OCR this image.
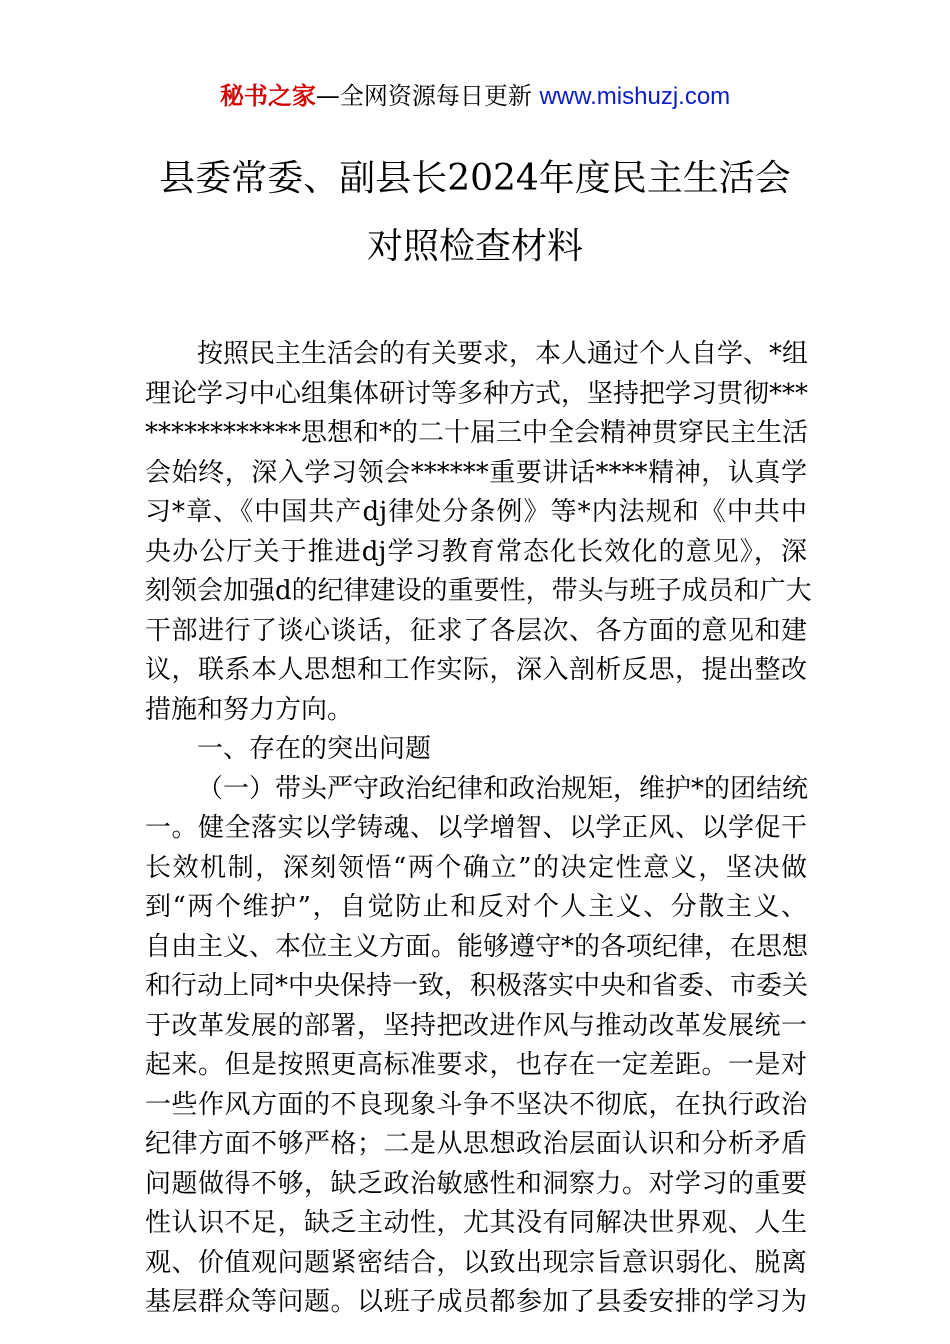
秘书之家—全网资源每日更新 www.mishuzj.com
县委常委、副县长2024年度民主生活会
对照检查材料
按照民主生活会的有关要求，本人通过个人自学、*组
理论学习中心组集体研讨等多种方式，坚持把学习贯彻***
************思想和*的二十届三中全会精神贯穿民主生活
会始终，深入学习领会******重要讲话****精神，认真学
习*章、《中国共产dj律处分条例》等*内法规和《中共中
央办公厅关于推进dj学习教育常态化长效化的意见》，深
刻领会加强d的纪律建设的重要性，带头与班子成员和广大
干部进行了谈心谈话，征求了各层次、各方面的意见和建
议，联系本人思想和工作实际，深入剖析反思，提出整改
措施和努力方向。
一、存在的突出问题
（一）带头严守政治纪律和政治规矩，维护*的团结统
一。健全落实以学铸魂、以学增智、以学正风、以学促干
长效机制，深刻领悟“两个确立”的决定性意义，坚决做
到“两个维护”，自觉防止和反对个人主义、分散主义、
自由主义、本位主义方面。能够遵守*的各项纪律，在思想
和行动上同*中央保持一致，积极落实中央和省委、市委关
于改革发展的部署，坚持把改进作风与推动改革发展统一
起来。但是按照更高标准要求，也存在一定差距。一是对
一些作风方面的不良现象斗争不坚决不彻底，在执行政治
纪律方面不够严格；二是从思想政治层面认识和分析矛盾
问题做得不够，缺乏政治敏感性和洞察力。对学习的重要
性认识不足，缺乏主动性，尤其没有同解决世界观、人生
观、价值观问题紧密结合，以致出现宗旨意识弱化、脱离
基层群众等问题。以班子成员都参加了县委安排的学习为
